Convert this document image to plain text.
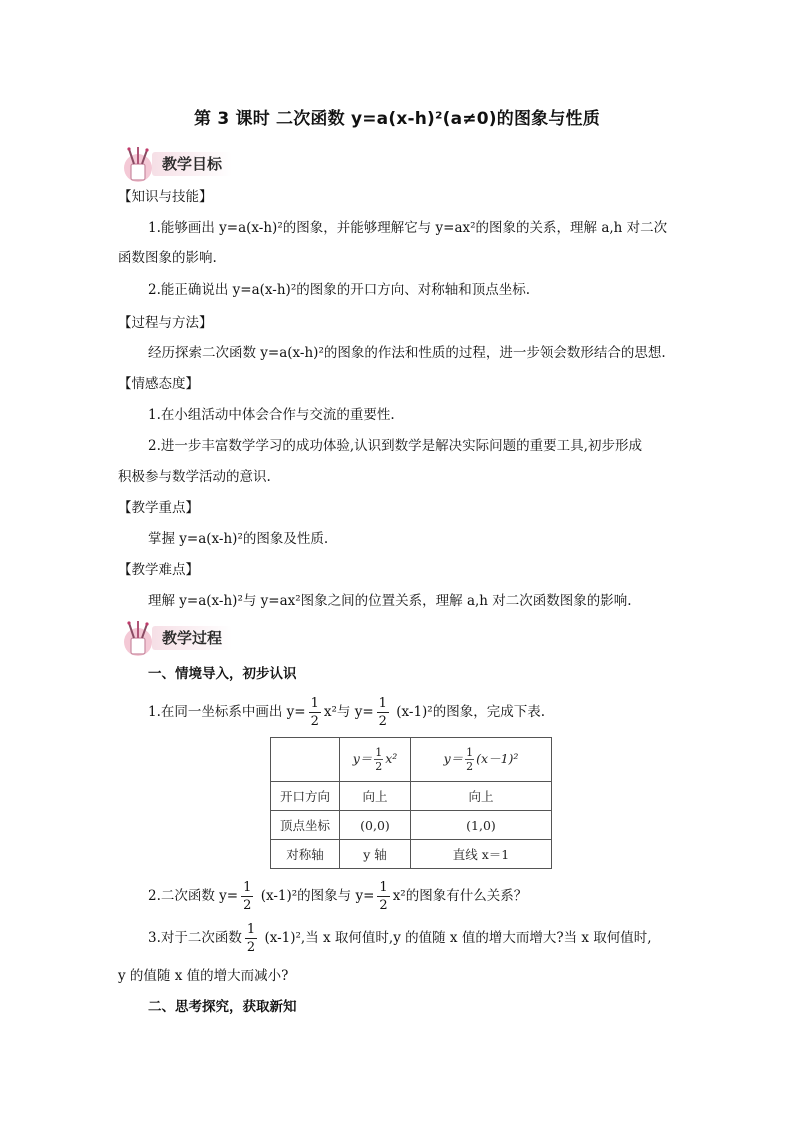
第 3 课时 二次函数 y=a(x-h)²(a≠0)的图象与性质
教学目标
【知识与技能】
1.能够画出 y=a(x-h)²的图象，并能够理解它与 y=ax²的图象的关系，理解 a,h 对二次
函数图象的影响.
2.能正确说出 y=a(x-h)²的图象的开口方向、对称轴和顶点坐标.
【过程与方法】
经历探索二次函数 y=a(x-h)²的图象的作法和性质的过程，进一步领会数形结合的思想.
【情感态度】
1.在小组活动中体会合作与交流的重要性.
2.进一步丰富数学学习的成功体验,认识到数学是解决实际问题的重要工具,初步形成
积极参与数学活动的意识.
【教学重点】
掌握 y=a(x-h)²的图象及性质.
【教学难点】
理解 y=a(x-h)²与 y=ax²图象之间的位置关系，理解 a,h 对二次函数图象的影响.
教学过程
一、情境导入，初步认识
1.在同一坐标系中画出 $y= \frac{1}{2} x^2$与 $y= \frac{1}{2} (x-1)^2$的图象，完成下表.
	$y= \frac{1}{2} x^2$	$y= \frac{1}{2} (x-1)^2$
开口方向	向上	向上
顶点坐标	(0,0)	(1,0)
对称轴	y 轴	直线 x＝1
2.二次函数 $y= \frac{1}{2} (x-1)^2$的图象与 $y= \frac{1}{2} x^2$的图象有什么关系？
3.对于二次函数 $\frac{1}{2} (x-1)^2$,当 x 取何值时,y 的值随 x 值的增大而增大?当 x 取何值时,
y 的值随 x 值的增大而减小?
二、思考探究，获取新知
